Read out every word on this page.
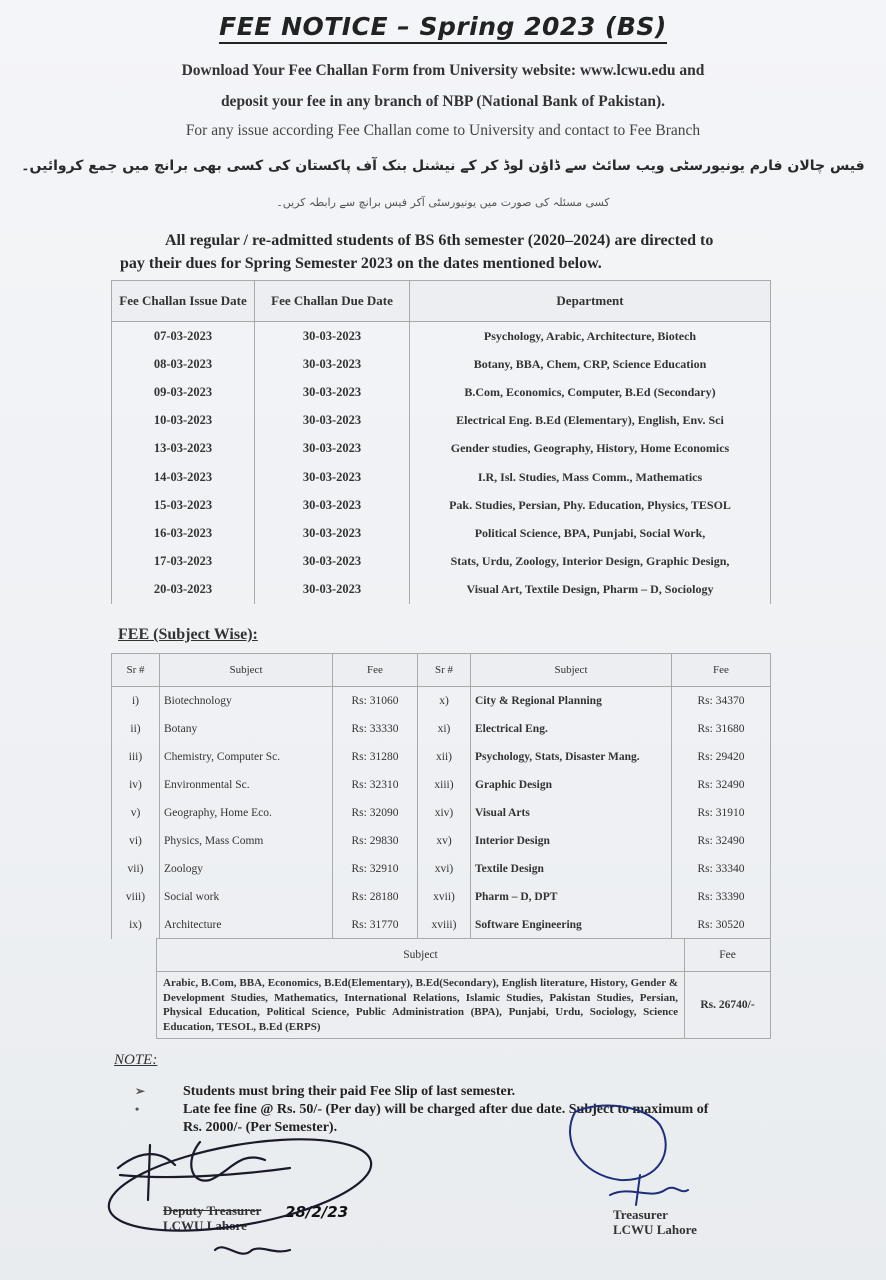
FEE NOTICE – Spring 2023 (BS)
Download Your Fee Challan Form from University website: www.lcwu.edu and
deposit your fee in any branch of NBP (National Bank of Pakistan).
For any issue according Fee Challan come to University and contact to Fee Branch
فیس چالان فارم یونیورسٹی ویب سائٹ سے ڈاؤن لوڈ کر کے نیشنل بنک آف پاکستان کی کسی بھی برانچ میں جمع کروائیں۔
کسی مسئلہ کی صورت میں یونیورسٹی آکر فیس برانچ سے رابطہ کریں۔
All regular / re-admitted students of BS 6th semester (2020–2024) are directed to
pay their dues for Spring Semester 2023 on the dates mentioned below.
Fee Challan Issue Date	Fee Challan Due Date	Department
07-03-2023	30-03-2023	Psychology, Arabic, Architecture, Biotech
08-03-2023	30-03-2023	Botany, BBA, Chem, CRP, Science Education
09-03-2023	30-03-2023	B.Com, Economics, Computer, B.Ed (Secondary)
10-03-2023	30-03-2023	Electrical Eng. B.Ed (Elementary), English, Env. Sci
13-03-2023	30-03-2023	Gender studies, Geography, History, Home Economics
14-03-2023	30-03-2023	I.R, Isl. Studies, Mass Comm., Mathematics
15-03-2023	30-03-2023	Pak. Studies, Persian, Phy. Education, Physics, TESOL
16-03-2023	30-03-2023	Political Science, BPA, Punjabi, Social Work,
17-03-2023	30-03-2023	Stats, Urdu, Zoology, Interior Design, Graphic Design,
20-03-2023	30-03-2023	Visual Art, Textile Design, Pharm – D, Sociology
FEE (Subject Wise):
Sr #	Subject	Fee	Sr #	Subject	Fee
i)	Biotechnology	Rs: 31060	x)	City & Regional Planning	Rs: 34370
ii)	Botany	Rs: 33330	xi)	Electrical Eng.	Rs: 31680
iii)	Chemistry, Computer Sc.	Rs: 31280	xii)	Psychology, Stats, Disaster Mang.	Rs: 29420
iv)	Environmental Sc.	Rs: 32310	xiii)	Graphic Design	Rs: 32490
v)	Geography, Home Eco.	Rs: 32090	xiv)	Visual Arts	Rs: 31910
vi)	Physics, Mass Comm	Rs: 29830	xv)	Interior Design	Rs: 32490
vii)	Zoology	Rs: 32910	xvi)	Textile Design	Rs: 33340
viii)	Social work	Rs: 28180	xvii)	Pharm – D, DPT	Rs: 33390
ix)	Architecture	Rs: 31770	xviii)	Software Engineering	Rs: 30520
Subject	Fee
Arabic, B.Com, BBA, Economics, B.Ed(Elementary), B.Ed(Secondary), English literature, History, Gender & Development Studies, Mathematics, International Relations, Islamic Studies, Pakistan Studies, Persian, Physical Education, Political Science, Public Administration (BPA), Punjabi, Urdu, Sociology, Science Education, TESOL, B.Ed (ERPS)	Rs. 26740/-
NOTE:
➢	Students must bring their paid Fee Slip of last semester.
•	Late fee fine @ Rs. 50/- (Per day) will be charged after due date. Subject to maximum of
Rs. 2000/- (Per Semester).
Deputy Treasurer
LCWU Lahore
28/2/23	Treasurer
LCWU Lahore
